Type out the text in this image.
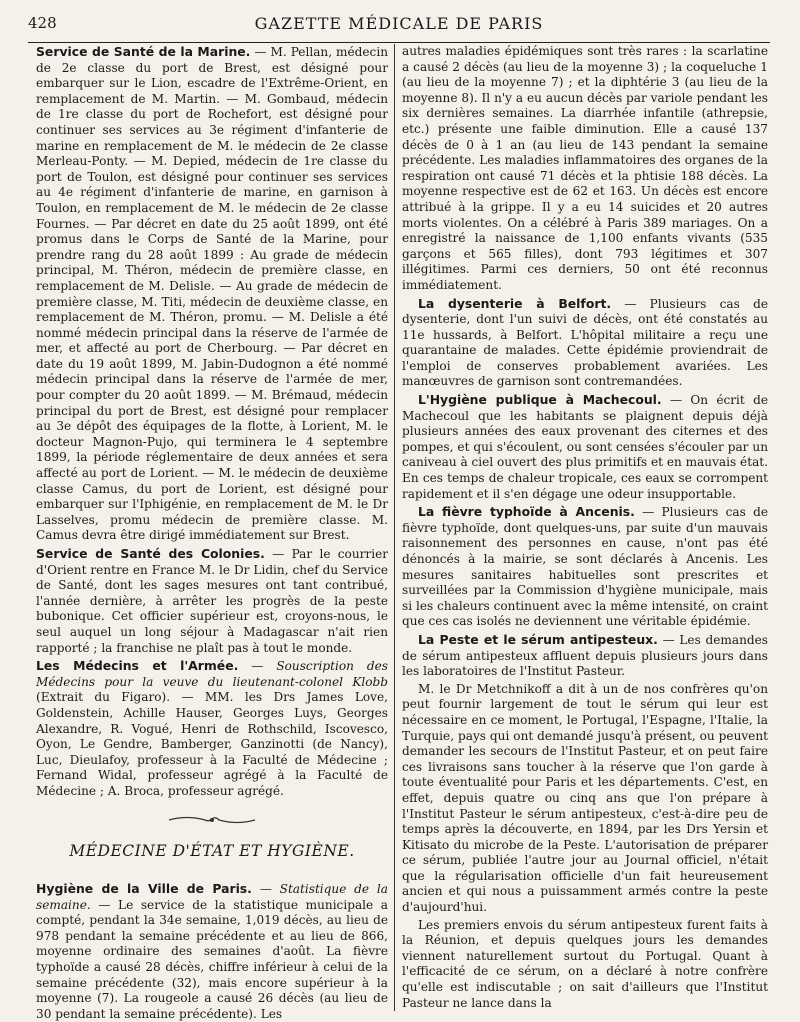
428	GAZETTE MÉDICALE DE PARIS

Service de Santé de la Marine. — M. Pellan, médecin de 2e classe du port de Brest, est désigné pour embarquer sur le Lion, escadre de l'Extrême-Orient, en remplacement de M. Martin. — M. Gombaud, médecin de 1re classe du port de Rochefort, est désigné pour continuer ses services au 3e régiment d'infanterie de marine en remplacement de M. le médecin de 2e classe Merleau-Ponty. — M. Depied, médecin de 1re classe du port de Toulon, est désigné pour continuer ses services au 4e régiment d'infanterie de marine, en garnison à Toulon, en remplacement de M. le médecin de 2e classe Fournes. — Par décret en date du 25 août 1899, ont été promus dans le Corps de Santé de la Marine, pour prendre rang du 28 août 1899 : Au grade de médecin principal, M. Théron, médecin de première classe, en remplacement de M. Delisle. — Au grade de médecin de première classe, M. Titi, médecin de deuxième classe, en remplacement de M. Théron, promu. — M. Delisle a été nommé médecin principal dans la réserve de l'armée de mer, et affecté au port de Cherbourg. — Par décret en date du 19 août 1899, M. Jabin-Dudognon a été nommé médecin principal dans la réserve de l'armée de mer, pour compter du 20 août 1899. — M. Brémaud, médecin principal du port de Brest, est désigné pour remplacer au 3e dépôt des équipages de la flotte, à Lorient, M. le docteur Magnon-Pujo, qui terminera le 4 septembre 1899, la période réglementaire de deux années et sera affecté au port de Lorient. — M. le médecin de deuxième classe Camus, du port de Lorient, est désigné pour embarquer sur l'Iphigénie, en remplacement de M. le Dr Lasselves, promu médecin de première classe. M. Camus devra être dirigé immédiatement sur Brest.

Service de Santé des Colonies. — Par le courrier d'Orient rentre en France M. le Dr Lidin, chef du Service de Santé, dont les sages mesures ont tant contribué, l'année dernière, à arrêter les progrès de la peste bubonique. Cet officier supérieur est, croyons-nous, le seul auquel un long séjour à Madagascar n'ait rien rapporté ; la franchise ne plaît pas à tout le monde.

Les Médecins et l'Armée. — Souscription des Médecins pour la veuve du lieutenant-colonel Klobb (Extrait du Figaro). — MM. les Drs James Love, Goldenstein, Achille Hauser, Georges Luys, Georges Alexandre, R. Vogué, Henri de Rothschild, Iscovesco, Oyon, Le Gendre, Bamberger, Ganzinotti (de Nancy), Luc, Dieulafoy, professeur à la Faculté de Médecine ; Fernand Widal, professeur agrégé à la Faculté de Médecine ; A. Broca, professeur agrégé.

MÉDECINE D'ÉTAT ET HYGIÈNE.

Hygiène de la Ville de Paris. — Statistique de la semaine. — Le service de la statistique municipale a compté, pendant la 34e semaine, 1,019 décès, au lieu de 978 pendant la semaine précédente et au lieu de 866, moyenne ordinaire des semaines d'août. La fièvre typhoïde a causé 28 décès, chiffre inférieur à celui de la semaine précédente (32), mais encore supérieur à la moyenne (7). La rougeole a causé 26 décès (au lieu de 30 pendant la semaine précédente). Les

autres maladies épidémiques sont très rares : la scarlatine a causé 2 décès (au lieu de la moyenne 3) ; la coqueluche 1 (au lieu de la moyenne 7) ; et la diphtérie 3 (au lieu de la moyenne 8). Il n'y a eu aucun décès par variole pendant les six dernières semaines. La diarrhée infantile (athrepsie, etc.) présente une faible diminution. Elle a causé 137 décès de 0 à 1 an (au lieu de 143 pendant la semaine précédente. Les maladies inflammatoires des organes de la respiration ont causé 71 décès et la phtisie 188 décès. La moyenne respective est de 62 et 163. Un décès est encore attribué à la grippe. Il y a eu 14 suicides et 20 autres morts violentes. On a célébré à Paris 389 mariages. On a enregistré la naissance de 1,100 enfants vivants (535 garçons et 565 filles), dont 793 légitimes et 307 illégitimes. Parmi ces derniers, 50 ont été reconnus immédiatement.

La dysenterie à Belfort. — Plusieurs cas de dysenterie, dont l'un suivi de décès, ont été constatés au 11e hussards, à Belfort. L'hôpital militaire a reçu une quarantaine de malades. Cette épidémie proviendrait de l'emploi de conserves probablement avariées. Les manœuvres de garnison sont contremandées.

L'Hygiène publique à Machecoul. — On écrit de Machecoul que les habitants se plaignent depuis déjà plusieurs années des eaux provenant des citernes et des pompes, et qui s'écoulent, ou sont censées s'écouler par un caniveau à ciel ouvert des plus primitifs et en mauvais état. En ces temps de chaleur tropicale, ces eaux se corrompent rapidement et il s'en dégage une odeur insupportable.

La fièvre typhoïde à Ancenis. — Plusieurs cas de fièvre typhoïde, dont quelques-uns, par suite d'un mauvais raisonnement des personnes en cause, n'ont pas été dénoncés à la mairie, se sont déclarés à Ancenis. Les mesures sanitaires habituelles sont prescrites et surveillées par la Commission d'hygiène municipale, mais si les chaleurs continuent avec la même intensité, on craint que ces cas isolés ne deviennent une véritable épidémie.

La Peste et le sérum antipesteux. — Les demandes de sérum antipesteux affluent depuis plusieurs jours dans les laboratoires de l'Institut Pasteur.

M. le Dr Metchnikoff a dit à un de nos confrères qu'on peut fournir largement de tout le sérum qui leur est nécessaire en ce moment, le Portugal, l'Espagne, l'Italie, la Turquie, pays qui ont demandé jusqu'à présent, ou peuvent demander les secours de l'Institut Pasteur, et on peut faire ces livraisons sans toucher à la réserve que l'on garde à toute éventualité pour Paris et les départements. C'est, en effet, depuis quatre ou cinq ans que l'on prépare à l'Institut Pasteur le sérum antipesteux, c'est-à-dire peu de temps après la découverte, en 1894, par les Drs Yersin et Kitisato du microbe de la Peste. L'autorisation de préparer ce sérum, publiée l'autre jour au Journal officiel, n'était que la régularisation officielle d'un fait heureusement ancien et qui nous a puissamment armés contre la peste d'aujourd'hui.

Les premiers envois du sérum antipesteux furent faits à la Réunion, et depuis quelques jours les demandes viennent naturellement surtout du Portugal. Quant à l'efficacité de ce sérum, on a déclaré à notre confrère qu'elle est indiscutable ; on sait d'ailleurs que l'Institut Pasteur ne lance dans la
